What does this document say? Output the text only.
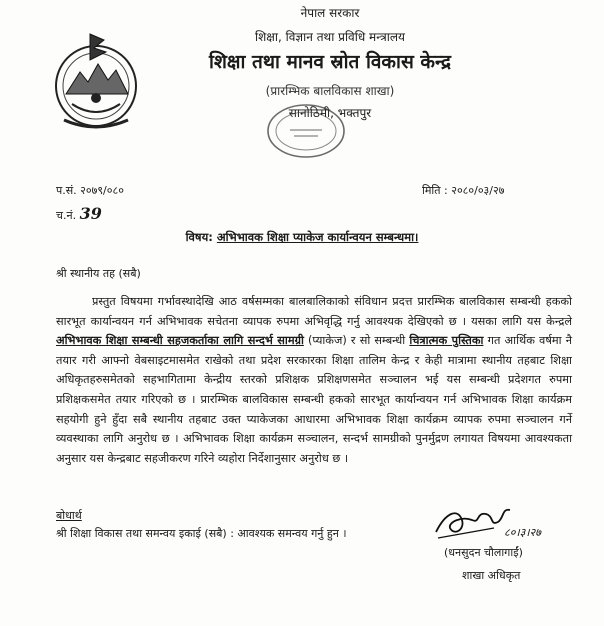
नेपाल सरकार
शिक्षा, विज्ञान तथा प्रविधि मन्त्रालय
शिक्षा तथा मानव स्रोत विकास केन्द्र
(प्रारम्भिक बालविकास शाखा)
सानोठिमी, भक्तपुर
प.सं. २०७९/०८०
च.नं. 39
मिति : २०८०/०३/२७
विषय: अभिभावक शिक्षा प्याकेज कार्यान्वयन सम्बन्धमा।
श्री स्थानीय तह (सबै)
प्रस्तुत विषयमा गर्भावस्थादेखि आठ वर्षसम्मका बालबालिकाको संविधान प्रदत्त प्रारम्भिक बालविकास सम्बन्धी हकको सारभूत कार्यान्वयन गर्न अभिभावक सचेतना व्यापक रुपमा अभिवृद्धि गर्नु आवश्यक देखिएको छ । यसका लागि यस केन्द्रले अभिभावक शिक्षा सम्बन्धी सहजकर्ताका लागि सन्दर्भ सामग्री (प्याकेज) र सो सम्बन्धी चित्रात्मक पुस्तिका गत आर्थिक वर्षमा नै तयार गरी आफ्नो वेबसाइटमासमेत राखेको तथा प्रदेश सरकारका शिक्षा तालिम केन्द्र र केही मात्रामा स्थानीय तहबाट शिक्षा अधिकृतहरुसमेतको सहभागितामा केन्द्रीय स्तरको प्रशिक्षक प्रशिक्षणसमेत सञ्चालन भई यस सम्बन्धी प्रदेशगत रुपमा प्रशिक्षकसमेत तयार गरिएको छ । प्रारम्भिक बालविकास सम्बन्धी हकको सारभूत कार्यान्वयन गर्न अभिभावक शिक्षा कार्यक्रम सहयोगी हुने हुँदा सबै स्थानीय तहबाट उक्त प्याकेजका आधारमा अभिभावक शिक्षा कार्यक्रम व्यापक रुपमा सञ्चालन गर्ने व्यवस्थाका लागि अनुरोध छ । अभिभावक शिक्षा कार्यक्रम सञ्चालन, सन्दर्भ सामग्रीको पुनर्मुद्रण लगायत विषयमा आवश्यकता अनुसार यस केन्द्रबाट सहजीकरण गरिने व्यहोरा निर्देशानुसार अनुरोध छ ।
बोधार्थ
श्री शिक्षा विकास तथा समन्वय इकाई (सबै) : आवश्यक समन्वय गर्नु हुन ।	८०।३।२७
(धनसुदन चौलागाईं)
शाखा अधिकृत
